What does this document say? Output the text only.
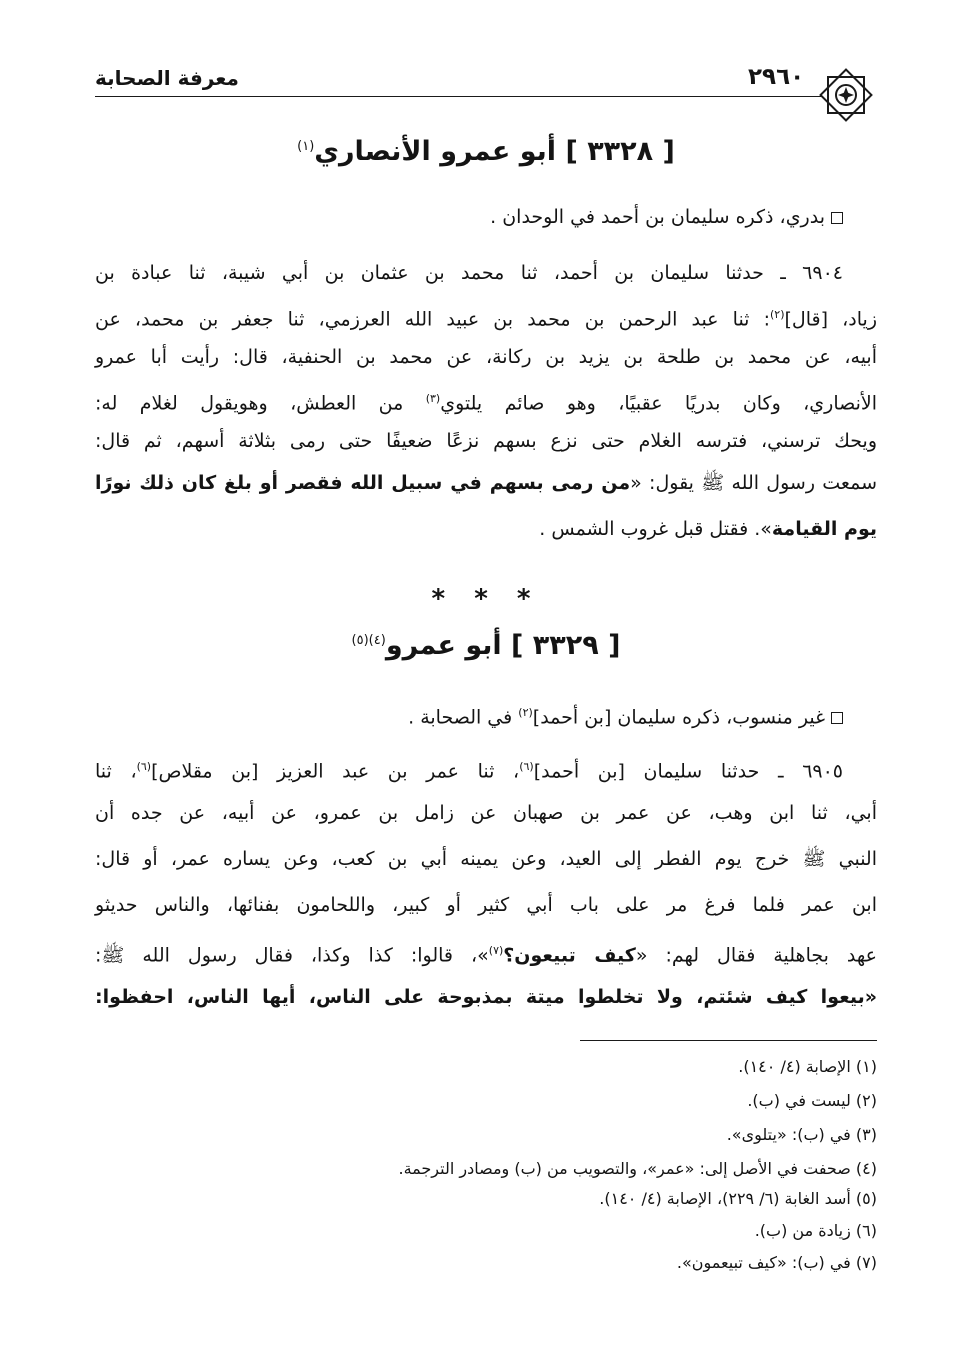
معرفة الصحابة	٢٩٦٠
[ ٣٣٢٨ ] أبو عمرو الأنصاري$^{(١)}$
بدري، ذكره سليمان بن أحمد في الوحدان .
٦٩٠٤ ـ حدثنا سليمان بن أحمد، ثنا محمد بن عثمان بن أبي شيبة، ثنا عبادة بن
زياد، [قال]$^{(٢)}$: ثنا عبد الرحمن بن محمد بن عبيد الله العرزمي، ثنا جعفر بن محمد، عن
أبيه، عن محمد بن طلحة بن يزيد بن ركانة، عن محمد بن الحنفية، قال: رأيت أبا عمرو
الأنصاري، وكان بدريًا عقبيًا، وهو صائم يلتوي$^{(٣)}$ من العطش، وهويقول لغلام له:
ويحك ترسني، فترسه الغلام حتى نزع بسهم نزعًا ضعيفًا حتى رمى بثلاثة أسهم، ثم قال:
سمعت رسول الله ﷺ يقول: «من رمى بسهم في سبيل الله فقصر أو بلغ كان ذلك نورًا
يوم القيامة». فقتل قبل غروب الشمس .
* * *
[ ٣٣٢٩ ] أبو عمرو$^{(٤)(٥)}$
غير منسوب، ذكره سليمان [بن أحمد]$^{(٢)}$ في الصحابة .
٦٩٠٥ ـ حدثنا سليمان [بن أحمد]$^{(٦)}$، ثنا عمر بن عبد العزيز [بن مقلاص]$^{(٦)}$، ثنا
أبي، ثنا ابن وهب، عن عمر بن صهبان عن زامل بن عمرو، عن أبيه، عن جده أن
النبي ﷺ خرج يوم الفطر إلى العيد، وعن يمينه أبي بن كعب، وعن يساره عمر، أو قال:
ابن عمر فلما فرغ مر على باب أبي كثير أو كبير، واللحامون بفنائها، والناس حديثو
عهد بجاهلية فقال لهم: «كيف تبيعون؟$^{(٧)}$»، قالوا: كذا وكذا، فقال رسول الله ﷺ:
«بيعوا كيف شئتم، ولا تخلطوا ميتة بمذبوحة على الناس، أيها الناس، احفظوا:
(١) الإصابة (٤/ ١٤٠).
(٢) ليست في (ب).
(٣) في (ب): «يتلوى».
(٤) صحفت في الأصل إلى: «عمر»، والتصويب من (ب) ومصادر الترجمة.
(٥) أسد الغابة (٦/ ٢٢٩)، الإصابة (٤/ ١٤٠).
(٦) زيادة من (ب).
(٧) في (ب): «كيف تبيعمون».
